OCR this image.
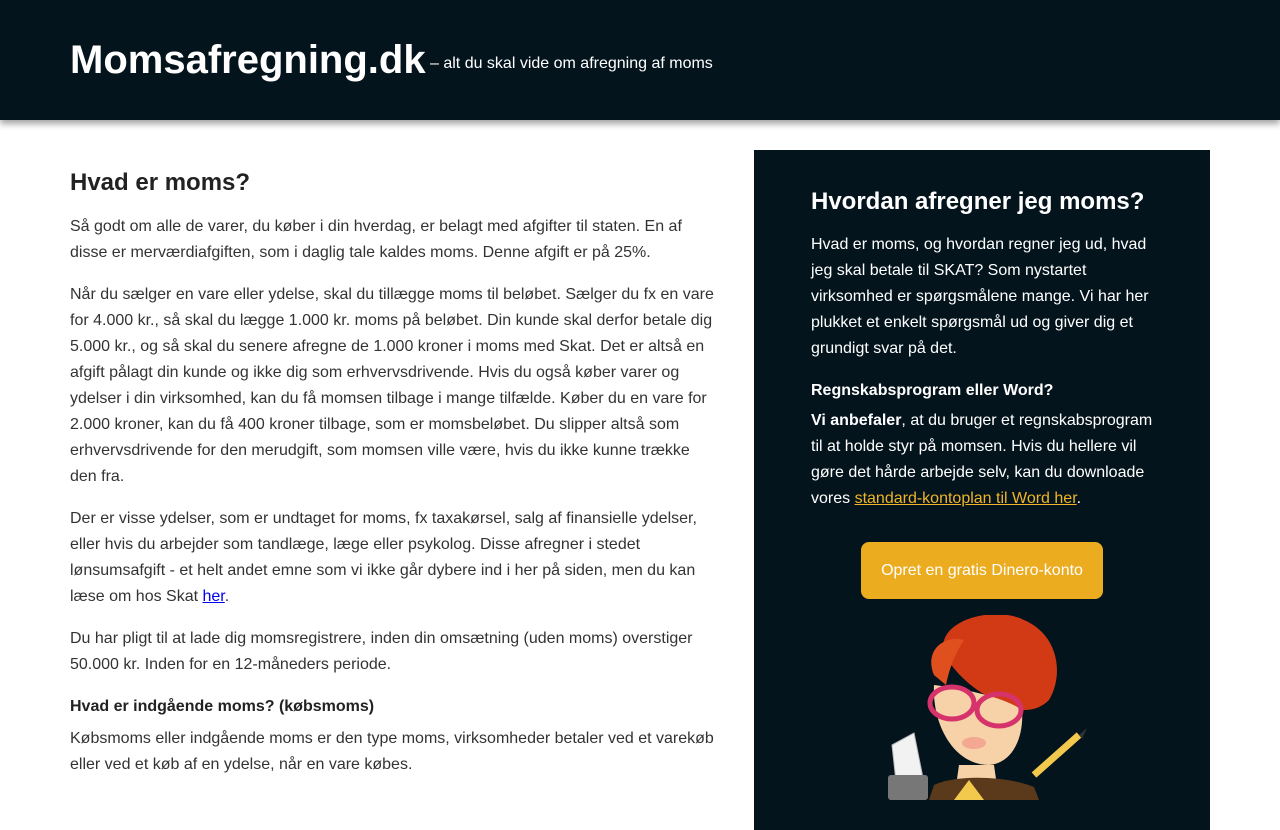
Momsafregning.dk – alt du skal vide om afregning af moms
Hvad er moms?

Så godt om alle de varer, du køber i din hverdag, er belagt med afgifter til staten. En af disse er merværdiafgiften, som i daglig tale kaldes moms. Denne afgift er på 25%.

Når du sælger en vare eller ydelse, skal du tillægge moms til beløbet. Sælger du fx en vare for 4.000 kr., så skal du lægge 1.000 kr. moms på beløbet. Din kunde skal derfor betale dig 5.000 kr., og så skal du senere afregne de 1.000 kroner i moms med Skat. Det er altså en afgift pålagt din kunde og ikke dig som erhvervsdrivende. Hvis du også køber varer og ydelser i din virksomhed, kan du få momsen tilbage i mange tilfælde. Køber du en vare for 2.000 kroner, kan du få 400 kroner tilbage, som er momsbeløbet. Du slipper altså som erhvervsdrivende for den merudgift, som momsen ville være, hvis du ikke kunne trække den fra.

Der er visse ydelser, som er undtaget for moms, fx taxakørsel, salg af finansielle ydelser, eller hvis du arbejder som tandlæge, læge eller psykolog. Disse afregner i stedet lønsumsafgift - et helt andet emne som vi ikke går dybere ind i her på siden, men du kan læse om hos Skat her.

Du har pligt til at lade dig momsregistrere, inden din omsætning (uden moms) overstiger 50.000 kr. Inden for en 12-måneders periode.

Hvad er indgående moms? (købsmoms)

Købsmoms eller indgående moms er den type moms, virksomheder betaler ved et varekøb eller ved et køb af en ydelse, når en vare købes.

Hvordan afregner jeg moms?

Hvad er moms, og hvordan regner jeg ud, hvad jeg skal betale til SKAT? Som nystartet virksomhed er spørgsmålene mange. Vi har her plukket et enkelt spørgsmål ud og giver dig et grundigt svar på det.

Regnskabsprogram eller Word?

Vi anbefaler, at du bruger et regnskabsprogram til at holde styr på momsen. Hvis du hellere vil gøre det hårde arbejde selv, kan du downloade vores standard-kontoplan til Word her.

Opret en gratis Dinero-konto
